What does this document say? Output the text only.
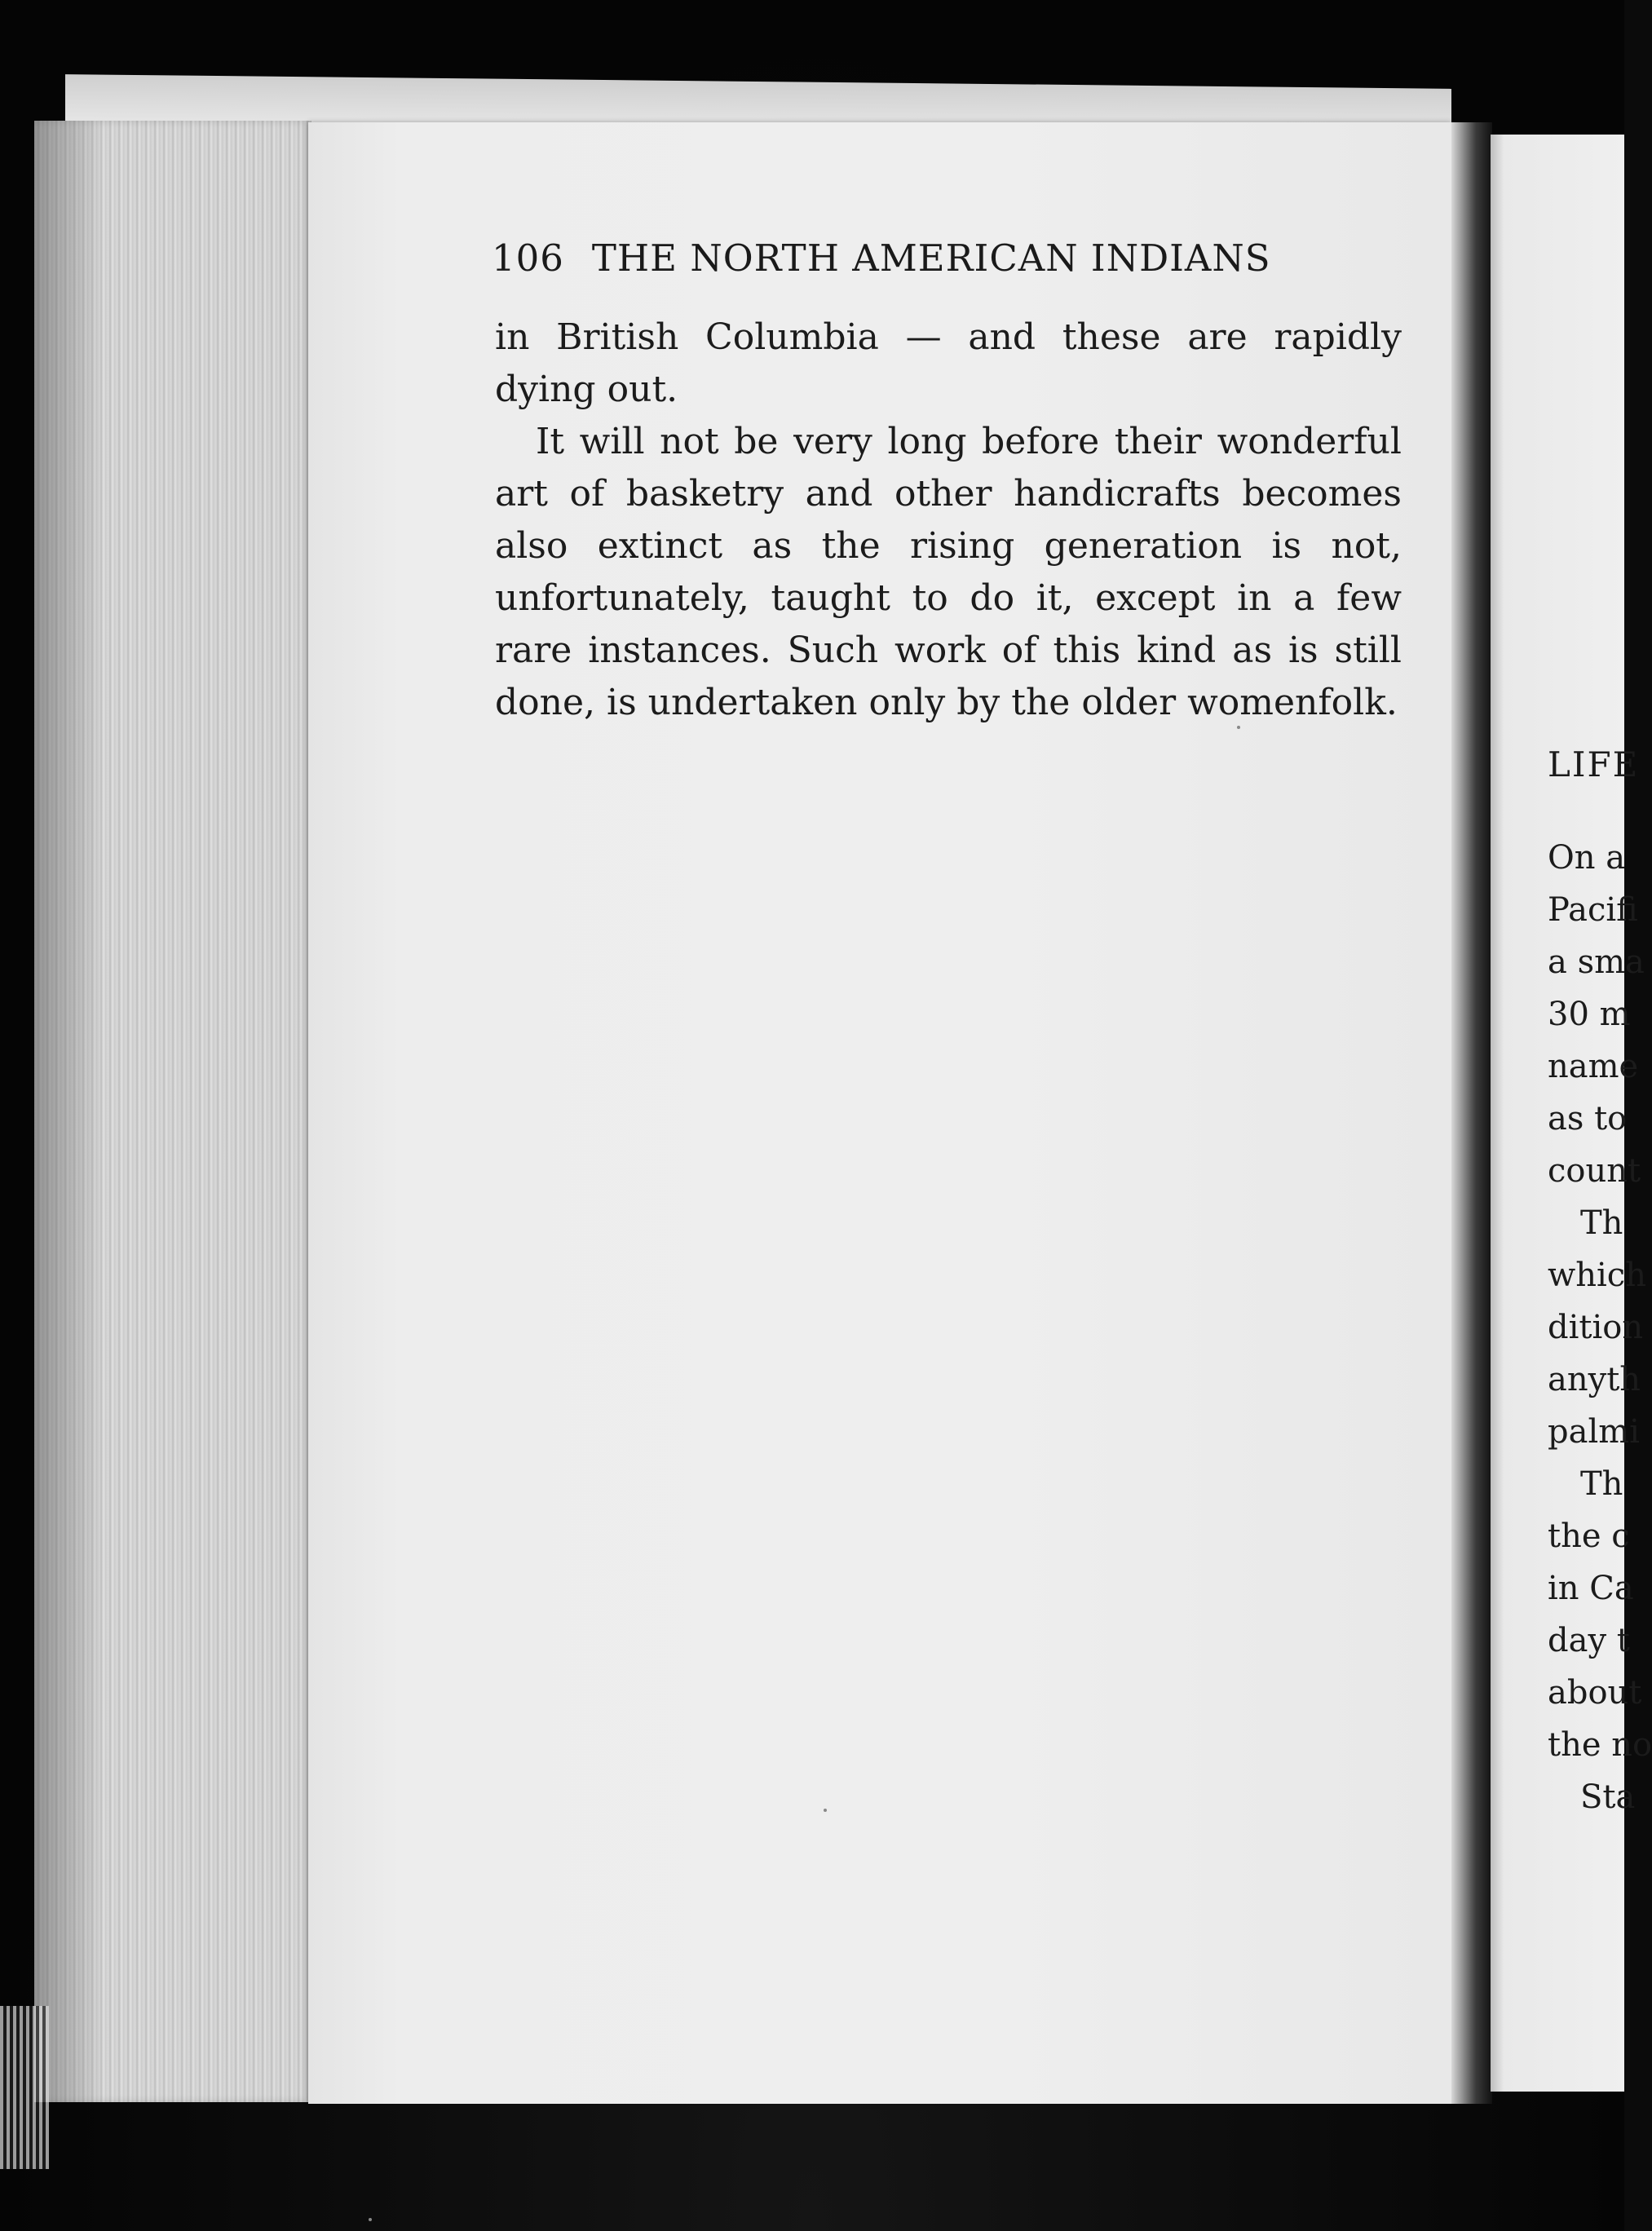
106 THE NORTH AMERICAN INDIANS

in British Columbia — and these are rapidly dying out.

It will not be very long before their wonderful art of basketry and other handicrafts becomes also extinct as the rising generation is not, unfortunately, taught to do it, except in a few rare instances. Such work of this kind as is still done, is undertaken only by the older womenfolk.

LIFE
On a
Pacifi
a sma
30 m
name
as to
count
Th
which
dition
anyth
palmi
Th
the c
in Ca
day t
about
the no
Sta
